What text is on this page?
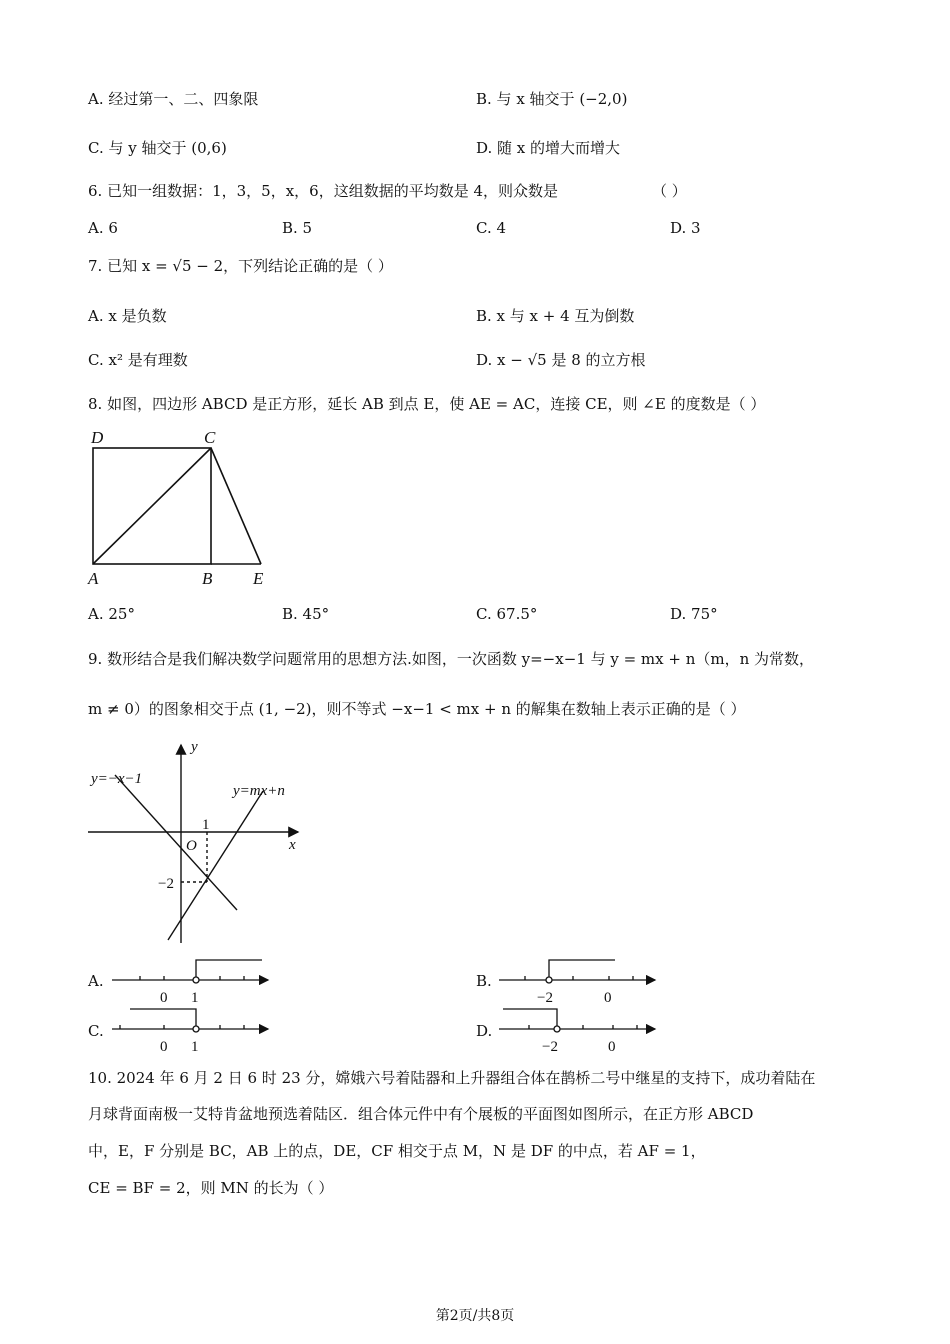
A. 经过第一、二、四象限	B. 与 x 轴交于 (−2,0)
C. 与 y 轴交于 (0,6)	D. 随 x 的增大而增大
6. 已知一组数据：1，3，5，x，6，这组数据的平均数是 4，则众数是	（ ）
A. 6	B. 5	C. 4	D. 3
7. 已知 x = √5 − 2，下列结论正确的是（ ）
A. x 是负数	B. x 与 x + 4 互为倒数
C. x² 是有理数	D. x − √5 是 8 的立方根
8. 如图，四边形 ABCD 是正方形，延长 AB 到点 E，使 AE = AC，连接 CE，则 ∠E 的度数是（ ）
D	C
A	B E
A. 25°	B. 45°	C. 67.5°	D. 75°
9. 数形结合是我们解决数学问题常用的思想方法.如图，一次函数 y=−x−1 与 y = mx + n（m，n 为常数，
m ≠ 0）的图象相交于点 (1, −2)，则不等式 −x−1 < mx + n 的解集在数轴上表示正确的是（ ）
y
x
O
1
−2
y=−x−1
y=mx+n
A.
0 1
B.
−2	0
C.
0 1
D.
−2	0
10. 2024 年 6 月 2 日 6 时 23 分，嫦娥六号着陆器和上升器组合体在鹊桥二号中继星的支持下，成功着陆在
月球背面南极一艾特肯盆地预选着陆区．组合体元件中有个展板的平面图如图所示，在正方形 ABCD
中，E，F 分别是 BC，AB 上的点，DE，CF 相交于点 M，N 是 DF 的中点，若 AF = 1，
CE = BF = 2，则 MN 的长为（ ）
第2页/共8页
